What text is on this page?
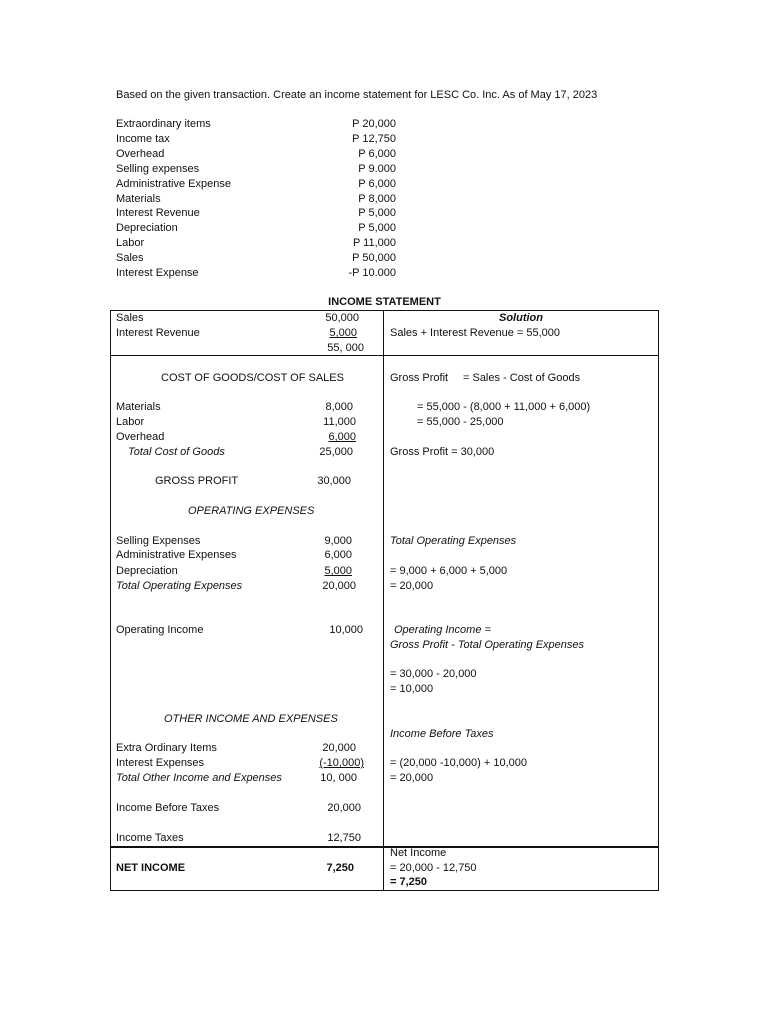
Based on the given transaction. Create an income statement for LESC Co. Inc. As of May 17, 2023
Extraordinary items	P 20,000
Income tax	P 12,750
Overhead	P 6,000
Selling expenses	P 9.000
Administrative Expense	P 6,000
Materials	P 8,000
Interest Revenue	P 5,000
Depreciation	P 5,000
Labor	P 11,000
Sales	P 50,000
Interest Expense	-P 10.000
INCOME STATEMENT
Sales	50,000
Interest Revenue	5,000
55, 000
Solution
Sales + Interest Revenue = 55,000
COST OF GOODS/COST OF SALES
Materials	8,000
Labor	11,000
Overhead	6,000
Total Cost of Goods	25,000
GROSS PROFIT	30,000
Gross Profit = Sales - Cost of Goods
= 55,000 - (8,000 + 11,000 + 6,000)
= 55,000 - 25,000
Gross Profit = 30,000
OPERATING EXPENSES
Selling Expenses	9,000
Administrative Expenses	6,000
Depreciation	5,000
Total Operating Expenses	20,000
Total Operating Expenses
= 9,000 + 6,000 + 5,000
= 20,000
Operating Income	10,000	Operating Income =
Gross Profit - Total Operating Expenses
= 30,000 - 20,000
= 10,000
OTHER INCOME AND EXPENSES
Extra Ordinary Items	20,000
Interest Expenses	(-10,000)
Total Other Income and Expenses	10, 000
Income Before Taxes	20,000
Income Taxes	12,750
Income Before Taxes
= (20,000 -10,000) + 10,000
= 20,000
NET INCOME	7,250
Net Income
= 20,000 - 12,750
= 7,250
